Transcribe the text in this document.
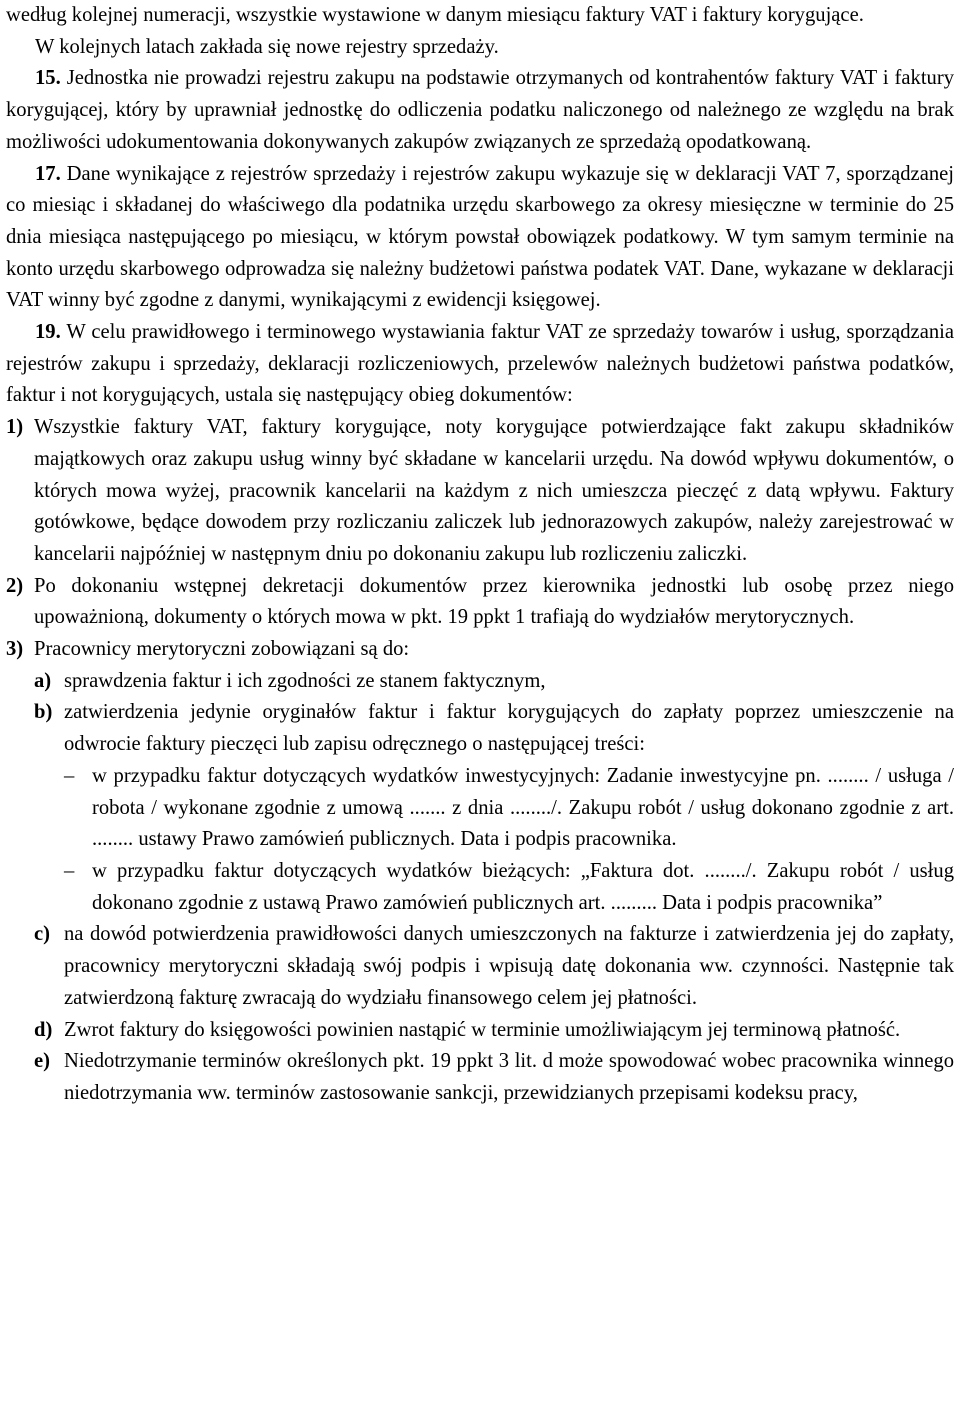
według kolejnej numeracji, wszystkie wystawione w danym miesiącu faktury VAT i faktury korygujące.

W kolejnych latach zakłada się nowe rejestry sprzedaży.

15. Jednostka nie prowadzi rejestru zakupu na podstawie otrzymanych od kontrahentów faktury VAT i faktury korygującej, który by uprawniał jednostkę do odliczenia podatku naliczonego od należnego ze względu na brak możliwości udokumentowania dokonywanych zakupów związanych ze sprzedażą opodatkowaną.

17. Dane wynikające z rejestrów sprzedaży i rejestrów zakupu wykazuje się w deklaracji VAT 7, sporządzanej co miesiąc i składanej do właściwego dla podatnika urzędu skarbowego za okresy miesięczne w terminie do 25 dnia miesiąca następującego po miesiącu, w którym powstał obowiązek podatkowy. W tym samym terminie na konto urzędu skarbowego odprowadza się należny budżetowi państwa podatek VAT. Dane, wykazane w deklaracji VAT winny być zgodne z danymi, wynikającymi z ewidencji księgowej.

19. W celu prawidłowego i terminowego wystawiania faktur VAT ze sprzedaży towarów i usług, sporządzania rejestrów zakupu i sprzedaży, deklaracji rozliczeniowych, przelewów należnych budżetowi państwa podatków, faktur i not korygujących, ustala się następujący obieg dokumentów:

1) Wszystkie faktury VAT, faktury korygujące, noty korygujące potwierdzające fakt zakupu składników majątkowych oraz zakupu usług winny być składane w kancelarii urzędu. Na dowód wpływu dokumentów, o których mowa wyżej, pracownik kancelarii na każdym z nich umieszcza pieczęć z datą wpływu. Faktury gotówkowe, będące dowodem przy rozliczaniu zaliczek lub jednorazowych zakupów, należy zarejestrować w kancelarii najpóźniej w następnym dniu po dokonaniu zakupu lub rozliczeniu zaliczki.
2) Po dokonaniu wstępnej dekretacji dokumentów przez kierownika jednostki lub osobę przez niego upoważnioną, dokumenty o których mowa w pkt. 19 ppkt 1 trafiają do wydziałów merytorycznych.
3) Pracownicy merytoryczni zobowiązani są do:
a) sprawdzenia faktur i ich zgodności ze stanem faktycznym,
b) zatwierdzenia jedynie oryginałów faktur i faktur korygujących do zapłaty poprzez umieszczenie na odwrocie faktury pieczęci lub zapisu odręcznego o następującej treści:
– w przypadku faktur dotyczących wydatków inwestycyjnych: Zadanie inwestycyjne pn. ........ / usługa / robota / wykonane zgodnie z umową ....... z dnia ......../. Zakupu robót / usług dokonano zgodnie z art. ........ ustawy Prawo zamówień publicznych. Data i podpis pracownika.
– w przypadku faktur dotyczących wydatków bieżących: „Faktura dot. ......../. Zakupu robót / usług dokonano zgodnie z ustawą Prawo zamówień publicznych art. ......... Data i podpis pracownika”
c) na dowód potwierdzenia prawidłowości danych umieszczonych na fakturze i zatwierdzenia jej do zapłaty, pracownicy merytoryczni składają swój podpis i wpisują datę dokonania ww. czynności. Następnie tak zatwierdzoną fakturę zwracają do wydziału finansowego celem jej płatności.
d) Zwrot faktury do księgowości powinien nastąpić w terminie umożliwiającym jej terminową płatność.
e) Niedotrzymanie terminów określonych pkt. 19 ppkt 3 lit. d może spowodować wobec pracownika winnego niedotrzymania ww. terminów zastosowanie sankcji, przewidzianych przepisami kodeksu pracy,
